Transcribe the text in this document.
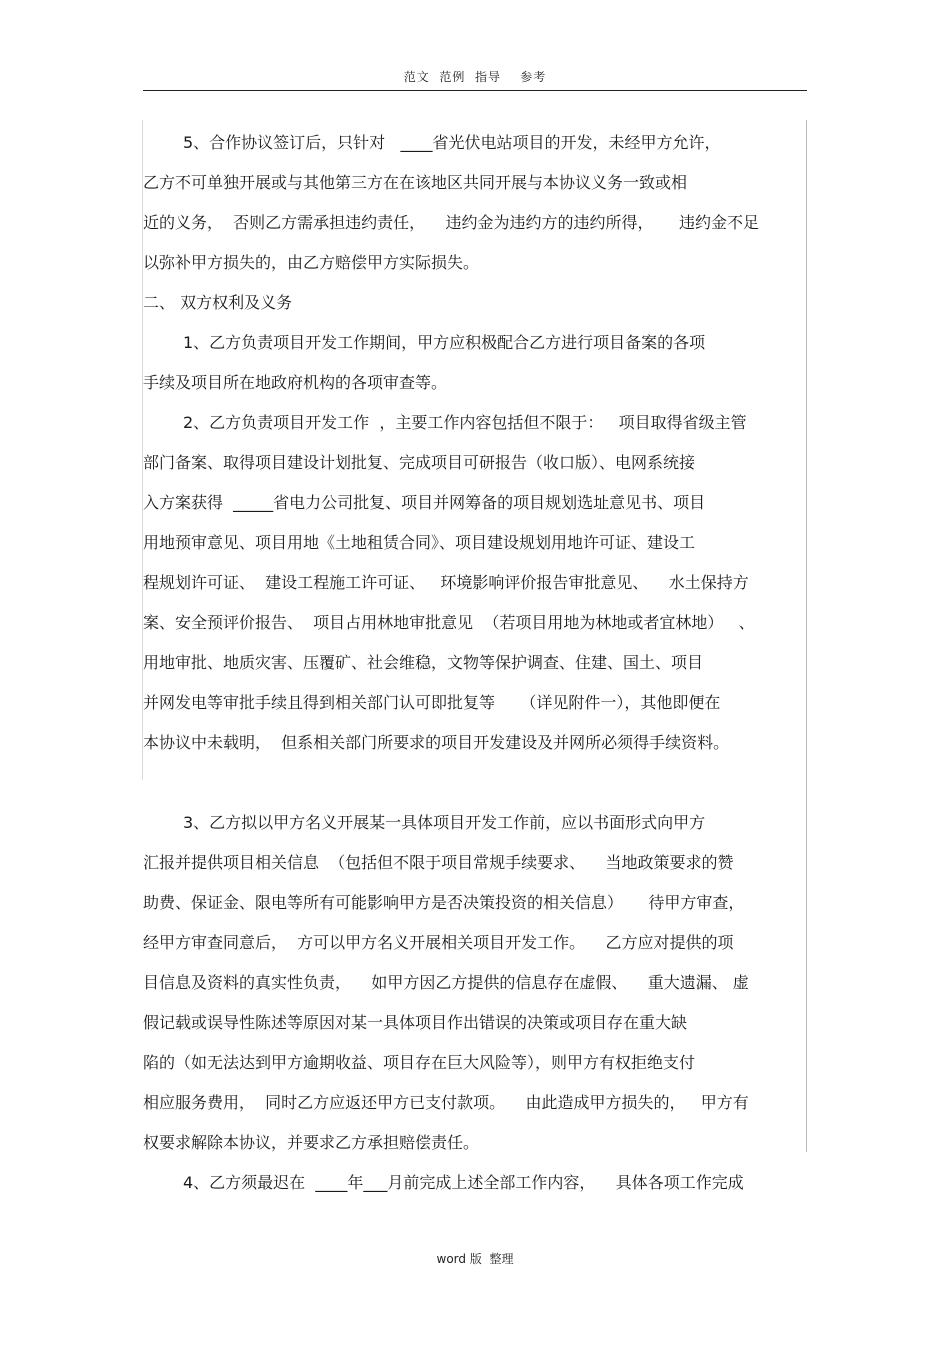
范文  范例  指导    参考
5、合作协议签订后，只针对   ____省光伏电站项目的开发，未经甲方允许，
乙方不可单独开展或与其他第三方在在该地区共同开展与本协议义务一致或相
近的义务，  否则乙方需承担违约责任，    违约金为违约方的违约所得，     违约金不足
以弥补甲方损失的，由乙方赔偿甲方实际损失。
二、 双方权利及义务
1、乙方负责项目开发工作期间，甲方应积极配合乙方进行项目备案的各项
手续及项目所在地政府机构的各项审查等。
2、乙方负责项目开发工作  ，主要工作内容包括但不限于：   项目取得省级主管
部门备案、取得项目建设计划批复、完成项目可研报告（收口版）、电网系统接
入方案获得  _____省电力公司批复、项目并网筹备的项目规划选址意见书、项目
用地预审意见、项目用地《土地租赁合同》、项目建设规划用地许可证、建设工
程规划许可证、  建设工程施工许可证、   环境影响评价报告审批意见、    水土保持方
案、安全预评价报告、  项目占用林地审批意见  （若项目用地为林地或者宜林地）   、
用地审批、地质灾害、压覆矿、社会维稳，文物等保护调查、住建、国土、项目
并网发电等审批手续且得到相关部门认可即批复等     （详见附件一），其他即便在
本协议中未载明，  但系相关部门所要求的项目开发建设及并网所必须得手续资料。
3、乙方拟以甲方名义开展某一具体项目开发工作前，应以书面形式向甲方
汇报并提供项目相关信息  （包括但不限于项目常规手续要求、    当地政策要求的赞
助费、保证金、限电等所有可能影响甲方是否决策投资的相关信息）     待甲方审查，
经甲方审查同意后，  方可以甲方名义开展相关项目开发工作。    乙方应对提供的项
目信息及资料的真实性负责，    如甲方因乙方提供的信息存在虚假、    重大遗漏、 虚
假记载或误导性陈述等原因对某一具体项目作出错误的决策或项目存在重大缺
陷的（如无法达到甲方逾期收益、项目存在巨大风险等），则甲方有权拒绝支付
相应服务费用，  同时乙方应返还甲方已支付款项。    由此造成甲方损失的，   甲方有
权要求解除本协议，并要求乙方承担赔偿责任。
4、乙方须最迟在  ____年___月前完成上述全部工作内容，    具体各项工作完成
word 版  整理
